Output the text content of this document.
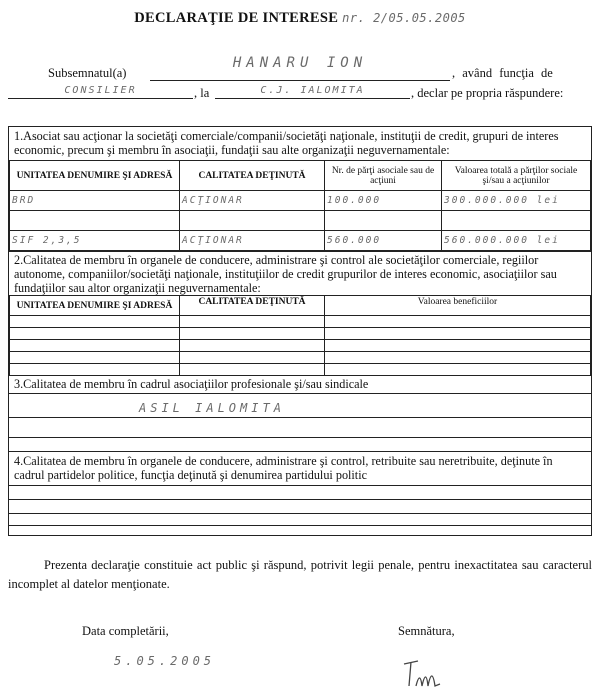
DECLARAŢIE DE INTERESE nr. 2/05.05.2005
Subsemnatul(a)
HANARU ION
, având funcţia de
CONSILIER	, la	C.J. IALOMITA	, declar pe propria răspundere:
1.Asociat sau acţionar la societăţi comerciale/companii/societăţi naţionale, instituţii de credit, grupuri de interes economic, precum şi membru în asociaţii, fundaţii sau alte organizaţii neguvernamentale:
UNITATEA DENUMIRE ŞI ADRESĂ	CALITATEA DEŢINUTĂ	Nr. de părţi asociale sau de acţiuni	Valoarea totală a părţilor sociale şi/sau a acţiunilor
BRD	ACŢIONAR	100.000	300.000.000 lei

SIF 2,3,5	ACŢIONAR	560.000	560.000.000 lei
2.Calitatea de membru în organele de conducere, administrare şi control ale societăţilor comerciale, regiilor autonome, companiilor/societăţi naţionale, instituţiilor de credit grupurilor de interes economic, asociaţiilor sau fundaţiilor sau altor organizaţii neguvernamentale:
UNITATEA DENUMIRE ŞI ADRESĂ	CALITATEA DEŢINUTĂ	Valoarea beneficiilor

3.Calitatea de membru în cadrul asociaţiilor profesionale şi/sau sindicale
ASIL IALOMITA
4.Calitatea de membru în organele de conducere, administrare şi control, retribuite sau neretribuite, deţinute în cadrul partidelor politice, funcţia deţinută şi denumirea partidului politic
Prezenta declaraţie constituie act public şi răspund, potrivit legii penale, pentru inexactitatea sau caracterul incomplet al datelor menţionate.
Data completării,
5.05.2005
Semnătura,
